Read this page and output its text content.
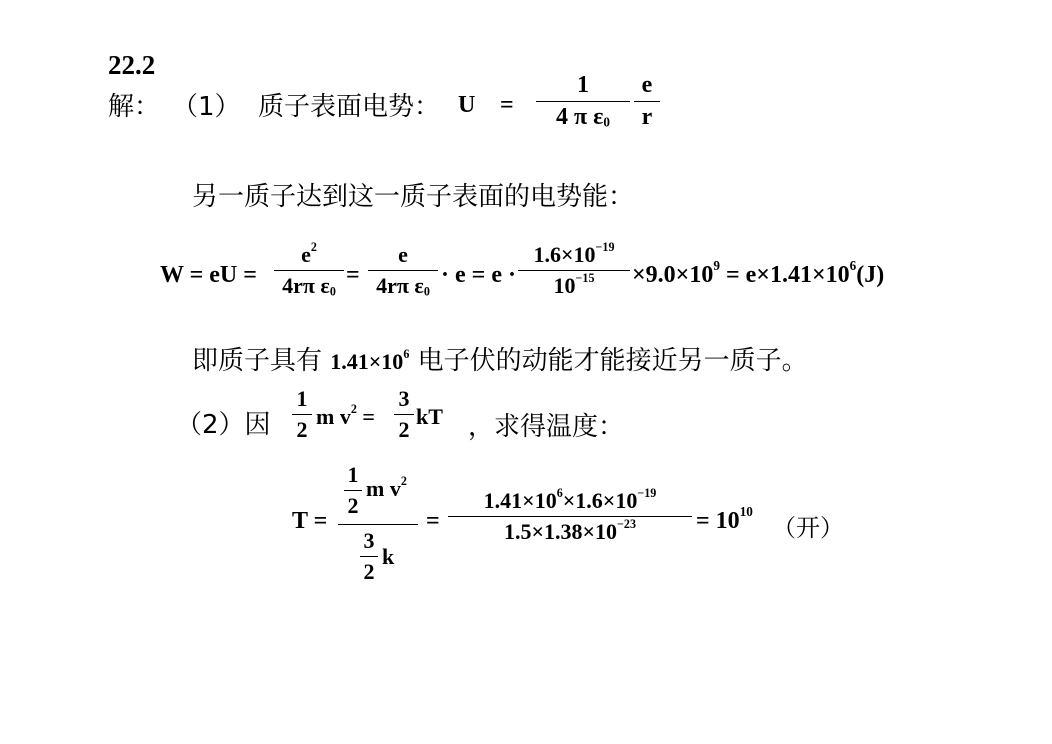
22.2
解： （1） 质子表面电势： U =
1
4 π $\varepsilon_0$
e
r
另一质子达到这一质子表面的电势能：
W = eU =
$e^2$
4rπ $\varepsilon_0$
=
e
4rπ $\varepsilon_0$
· e = e ·
$1.6\times 10^{-19}$
$10^{-15}$	$\times 9.0\times 10^9 = e\times 1.41\times 10^6(J)$
即质子具有 $1.41\times 10^6$ 电子伏的动能才能接近另一质子。
（2）因
1
2
m $v^2$ =
3
2
kT ，求得温度：
T =
1
2
m $v^2$
3
2
k
=
$1.41\times 10^6\times 1.6\times 10^{-19}$
$1.5\times 1.38\times 10^{-23}$	= $10^{10}$
（开）
